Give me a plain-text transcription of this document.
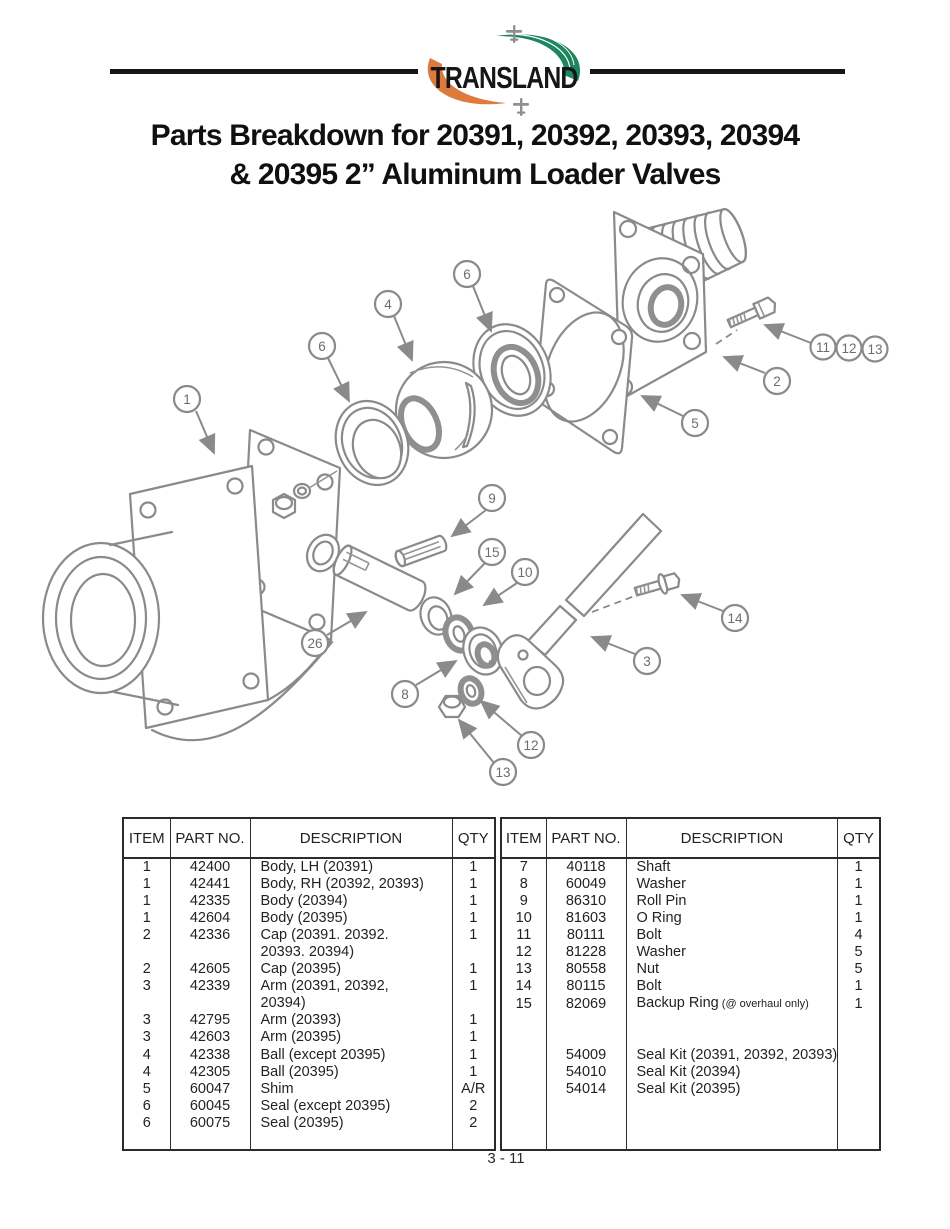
TRANSLAND
Parts Breakdown for 20391, 20392, 20393, 20394
& 20395 2” Aluminum Loader Valves
1
6
4
6
5
2
11 12 13
9
15
10
26
8
3
14
12
13
ITEM	PART NO.	DESCRIPTION	QTY
1	42400	Body, LH (20391)	1
1	42441	Body, RH (20392, 20393)	1
1	42335	Body (20394)	1
1	42604	Body (20395)	1
2	42336	Cap (20391. 20392.	1
		20393. 20394)	
2	42605	Cap (20395)	1
3	42339	Arm (20391, 20392,	1
		20394)	
3	42795	Arm (20393)	1
3	42603	Arm (20395)	1
4	42338	Ball (except 20395)	1
4	42305	Ball (20395)	1
5	60047	Shim	A/R
6	60045	Seal (except 20395)	2
6	60075	Seal (20395)	2

ITEM	PART NO.	DESCRIPTION	QTY
7	40118	Shaft	1
8	60049	Washer	1
9	86310	Roll Pin	1
10	81603	O Ring	1
11	80111	Bolt	4
12	81228	Washer	5
13	80558	Nut	5
14	80115	Bolt	1
15	82069	Backup Ring (@ overhaul only)	1

	54009	Seal Kit (20391, 20392, 20393)	
	54010	Seal Kit (20394)	
	54014	Seal Kit (20395)	

3 - 11
